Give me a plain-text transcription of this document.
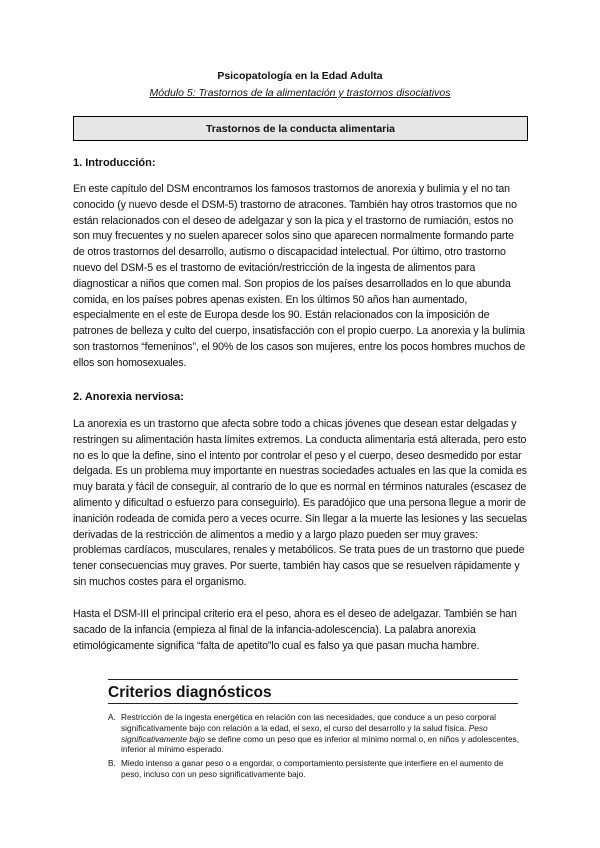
Psicopatología en la Edad Adulta
Módulo 5: Trastornos de la alimentación y trastornos disociativos
Trastornos de la conducta alimentaria
1. Introducción:

En este capítulo del DSM encontramos los famosos trastornos de anorexia y bulimia y el no tan conocido (y nuevo desde el DSM-5) trastorno de atracones. También hay otros trastornos que no están relacionados con el deseo de adelgazar y son la pica y el trastorno de rumiación, estos no son muy frecuentes y no suelen aparecer solos sino que aparecen normalmente formando parte de otros trastornos del desarrollo, autismo o discapacidad intelectual. Por último, otro trastorno nuevo del DSM-5 es el trastorno de evitación/restricción de la ingesta de alimentos para diagnosticar a niños que comen mal. Son propios de los países desarrollados en lo que abunda comida, en los países pobres apenas existen. En los últimos 50 años han aumentado, especialmente en el este de Europa desde los 90. Están relacionados con la imposición de patrones de belleza y culto del cuerpo, insatisfacción con el propio cuerpo. La anorexia y la bulimia son trastornos “femeninos”, el 90% de los casos son mujeres, entre los pocos hombres muchos de ellos son homosexuales.

2. Anorexia nerviosa:

La anorexia es un trastorno que afecta sobre todo a chicas jóvenes que desean estar delgadas y restringen su alimentación hasta límites extremos. La conducta alimentaria está alterada, pero esto no es lo que la define, sino el intento por controlar el peso y el cuerpo, deseo desmedido por estar delgada. Es un problema muy importante en nuestras sociedades actuales en las que la comida es muy barata y fácil de conseguir, al contrario de lo que es normal en términos naturales (escasez de alimento y dificultad o esfuerzo para conseguirlo). Es paradójico que una persona llegue a morir de inanición rodeada de comida pero a veces ocurre. Sin llegar a la muerte las lesiones y las secuelas derivadas de la restricción de alimentos a medio y a largo plazo pueden ser muy graves: problemas cardíacos, musculares, renales y metabólicos. Se trata pues de un trastorno que puede tener consecuencias muy graves. Por suerte, también hay casos que se resuelven rápidamente y sin muchos costes para el organismo.

Hasta el DSM-III el principal criterio era el peso, ahora es el deseo de adelgazar. También se han sacado de la infancia (empieza al final de la infancia-adolescencia). La palabra anorexia etimológicamente significa “falta de apetito”lo cual es falso ya que pasan mucha hambre.

Criterios diagnósticos
A. Restricción de la ingesta energética en relación con las necesidades, que conduce a un peso corporal significativamente bajo con relación a la edad, el sexo, el curso del desarrollo y la salud física. Peso significativamente bajo se define como un peso que es inferior al mínimo normal o, en niños y adolescentes, inferior al mínimo esperado.
B. Miedo intenso a ganar peso o a engordar, o comportamiento persistente que interfiere en el aumento de peso, incluso con un peso significativamente bajo.
